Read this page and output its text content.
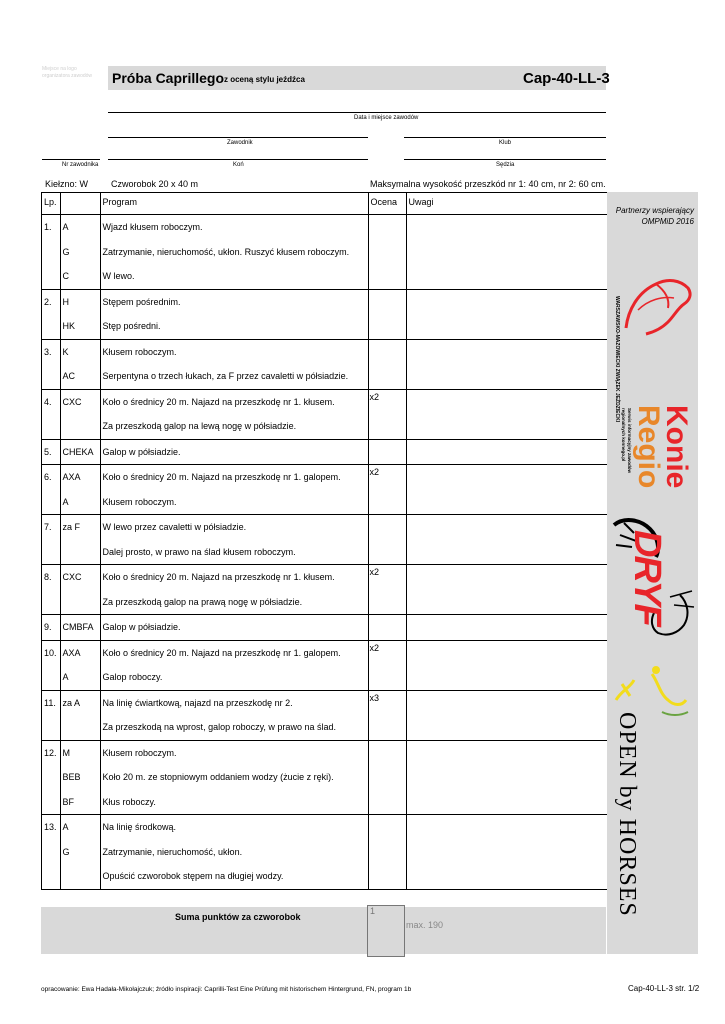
Miejsce na logo organizatora zawodów	Próba Caprillego z oceną stylu jeźdźca	Cap-40-LL-3
Data i miejsce zawodów
Zawodnik	Klub
Nr zawodnika	Koń	Sędzia
Kiełzno: W	Czworobok 20 x 40 m	Maksymalna wysokość przeszkód nr 1: 40 cm, nr 2: 60 cm.
Lp.		Program	Ocena	Uwagi

1.	A	Wjazd kłusem roboczym.		

	G	Zatrzymanie, nieruchomość, ukłon. Ruszyć kłusem roboczym.		

	C	W lewo.		

2.	H	Stępem pośrednim.		

	HK	Stęp pośredni.		

3.	K	Kłusem roboczym.		

	AC	Serpentyna o trzech łukach, za F przez cavaletti w półsiadzie.		

4.	CXC	Koło o średnicy 20 m. Najazd na przeszkodę nr 1. kłusem.	x2	

		Za przeszkodą galop na lewą nogę w półsiadzie.		

5.	CHEKA	Galop w półsiadzie.		

6.	AXA	Koło o średnicy 20 m. Najazd na przeszkodę nr 1. galopem.	x2	

	A	Kłusem roboczym.		

7.	za F	W lewo przez cavaletti w półsiadzie.		

		Dalej prosto, w prawo na ślad kłusem roboczym.		

8.	CXC	Koło o średnicy 20 m. Najazd na przeszkodę nr 1. kłusem.	x2	

		Za przeszkodą galop na prawą nogę w półsiadzie.		

9.	CMBFA	Galop w półsiadzie.		

10.	AXA	Koło o średnicy 20 m. Najazd na przeszkodę nr 1. galopem.	x2	

	A	Galop roboczy.		

11.	za A	Na linię ćwiartkową, najazd na przeszkodę nr 2.	x3	

		Za przeszkodą na wprost, galop roboczy, w prawo na ślad.		

12.	M	Kłusem roboczym.		

	BEB	Koło 20 m. ze stopniowym oddaniem wodzy (żucie z ręki).		

	BF	Kłus roboczy.		

13.	A	Na linię środkową.		

	G	Zatrzymanie, nieruchomość, ukłon.		

		Opuścić czworobok stępem na długiej wodzy.		

Suma punktów za czworobok
1
max. 190
Partnerzy wspierający OMPMiD 2016
WARSZAWSKO-MAZOWIECKI ZWIĄZEK JEŹDZIECKI
Konie
Regio
Serwis informacyjny zawodów regionalnych konnego.pl
DRYF
OPEN by HORSES
opracowanie: Ewa Hadała-Mikołajczuk; źródło inspiracji: Caprilli-Test Eine Prüfung mit historischem Hintergrund, FN, program 1b	Cap-40-LL-3 str. 1/2
